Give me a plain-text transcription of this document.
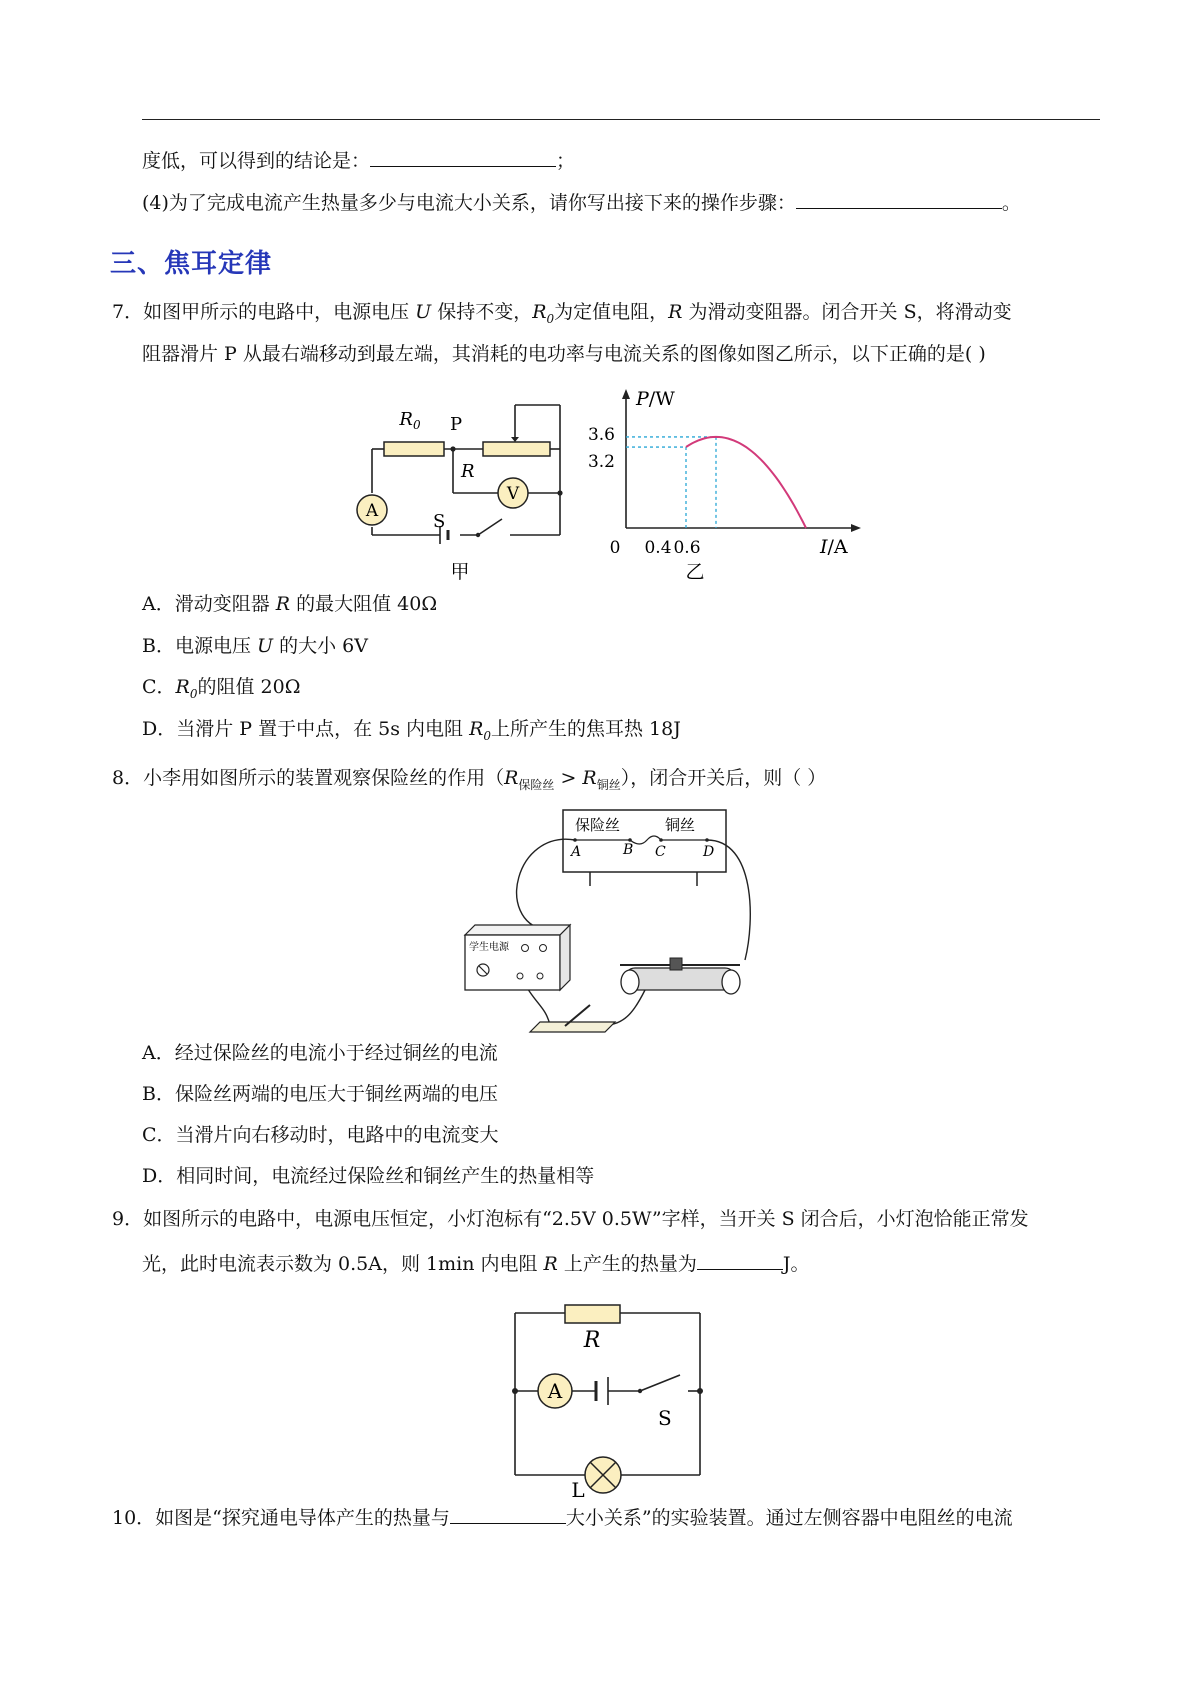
度低，可以得到的结论是：	；
(4)为了完成电流产生热量多少与电流大小关系，请你写出接下来的操作步骤：	。
三、焦耳定律
7．如图甲所示的电路中，电源电压 U 保持不变，$R_0$为定值电阻，R 为滑动变阻器。闭合开关 S，将滑动变
阻器滑片 P 从最右端移动到最左端，其消耗的电功率与电流关系的图像如图乙所示，以下正确的是( )
$R_0$ P
R
A
V
S
甲
P/W
3.6
3.2
0 0.4 0.6	I/A
乙
A．滑动变阻器 R 的最大阻值 40Ω
B．电源电压 U 的大小 6V
C．$R_0$的阻值 20Ω
D．当滑片 P 置于中点，在 5s 内电阻 $R_0$上所产生的焦耳热 18J
8．小李用如图所示的装置观察保险丝的作用$(R_{保险丝} > R_{铜丝})$，闭合开关后，则（ ）
保险丝	铜丝
A	B C	D
学生电源
A．经过保险丝的电流小于经过铜丝的电流
B．保险丝两端的电压大于铜丝两端的电压
C．当滑片向右移动时，电路中的电流变大
D．相同时间，电流经过保险丝和铜丝产生的热量相等
9．如图所示的电路中，电源电压恒定，小灯泡标有“2.5V 0.5W”字样，当开关 S 闭合后，小灯泡恰能正常发
光，此时电流表示数为 0.5A，则 1min 内电阻 R 上产生的热量为	J。
R
A
S
L
10．如图是“探究通电导体产生的热量与	大小关系”的实验装置。通过左侧容器中电阻丝的电流
